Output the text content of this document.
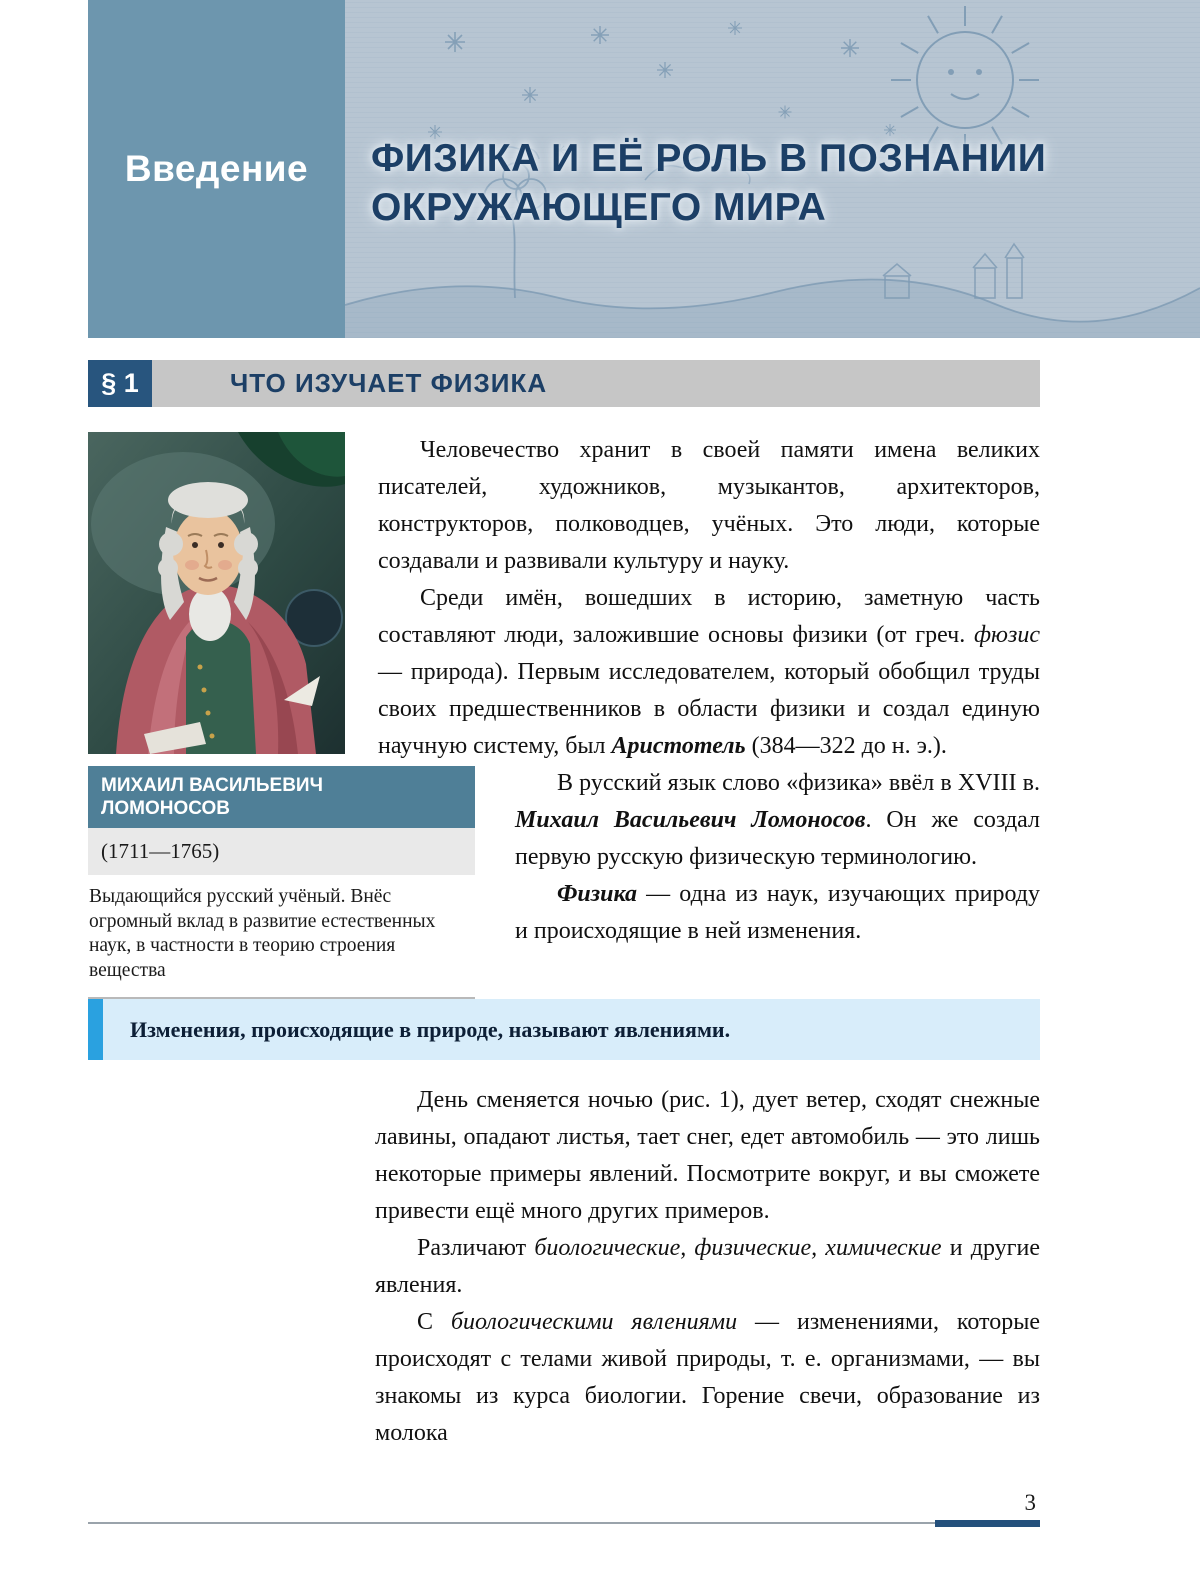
Введение ФИЗИКА И ЕЁ РОЛЬ В ПОЗНАНИИ
ОКРУЖАЮЩЕГО МИРА
§ 1	ЧТО ИЗУЧАЕТ ФИЗИКА
МИХАИЛ ВАСИЛЬЕВИЧ
ЛОМОНОСОВ
(1711—1765)
Выдающийся русский учёный. Внёс огромный вклад в развитие естественных наук, в частности в теорию строения вещества

Человечество хранит в своей памяти имена великих писателей, художников, музыкантов, архитекторов, конструкторов, полководцев, учёных. Это люди, которые создавали и развивали культуру и науку.

Среди имён, вошедших в историю, заметную часть составляют люди, заложившие основы физики (от греч. фюзис — природа). Первым исследователем, который обобщил труды своих предшественников в области физики и создал единую научную систему, был Аристотель (384—322 до н. э.).

В русский язык слово «физика» ввёл в XVIII в. Михаил Васильевич Ломоносов. Он же создал первую русскую физическую терминологию.

Физика — одна из наук, изучающих природу и происходящие в ней изменения.

Изменения, происходящие в природе, называют явлениями.

День сменяется ночью (рис. 1), дует ветер, сходят снежные лавины, опадают листья, тает снег, едет автомобиль — это лишь некоторые примеры явлений. Посмотрите вокруг, и вы сможете привести ещё много других примеров.

Различают биологические, физические, химические и другие явления.

С биологическими явлениями — изменениями, которые происходят с телами живой природы, т. е. организмами, — вы знакомы из курса биологии. Горение свечи, образование из молока

3
